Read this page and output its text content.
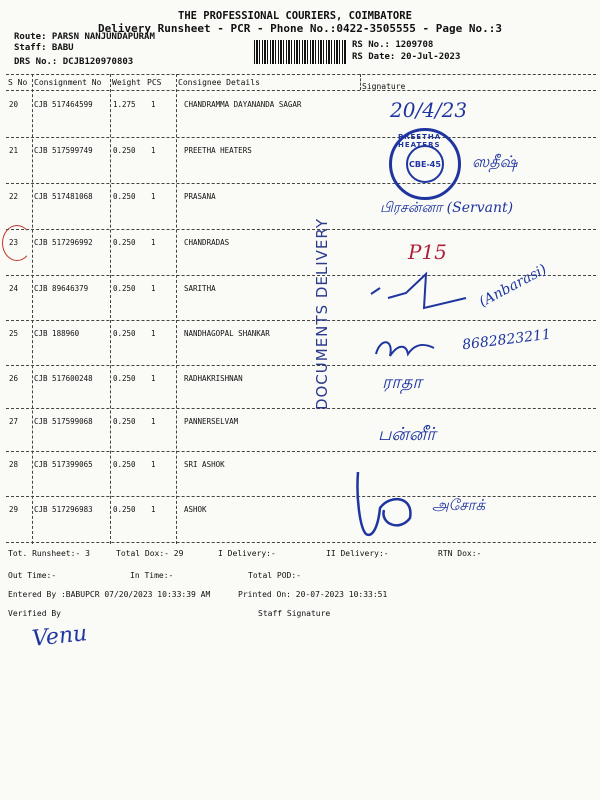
THE PROFESSIONAL COURIERS, COIMBATORE
Delivery Runsheet - PCR - Phone No.:0422-3505555 - Page No.:3
Route: PARSN NANJUNDAPURAM
Staff: BABU
DRS No.: DCJB120970803
RS No.: 1209708
RS Date: 20-Jul-2023
S No Consignment No Weight PCS Consignee Details	Signature
20 CJB 517464599	1.275 1	CHANDRAMMA DAYANANDA SAGAR
21 CJB 517599749	0.250 1	PREETHA HEATERS
22 CJB 517481068	0.250 1	PRASANA
23 CJB 517296992	0.250 1	CHANDRADAS
24 CJB 89646379	0.250 1	SARITHA
25 CJB 188960	0.250 1	NANDHAGOPAL SHANKAR
26 CJB 517600248	0.250 1	RADHAKRISHNAN
27 CJB 517599068	0.250 1	PANNERSELVAM
28 CJB 517399065	0.250 1	SRI ASHOK
29 CJB 517296983	0.250 1	ASHOK
DOCUMENTS DELIVERY
PREETHA HEATERS
CBE-45
20/4/23
ஸதீஷ்
பிரசன்னா (Servant)
P15
(Anbarasi)
8682823211
ராதா
பன்னீர்
அசோக்
Tot. Runsheet:- 3	Total Dox:- 29	I Delivery:-	II Delivery:-	RTN Dox:-
Out Time:-	In Time:-	Total POD:-
Entered By :BABUPCR 07/20/2023 10:33:39 AM	Printed On: 20-07-2023 10:33:51
Verified By	Staff Signature
Venu
